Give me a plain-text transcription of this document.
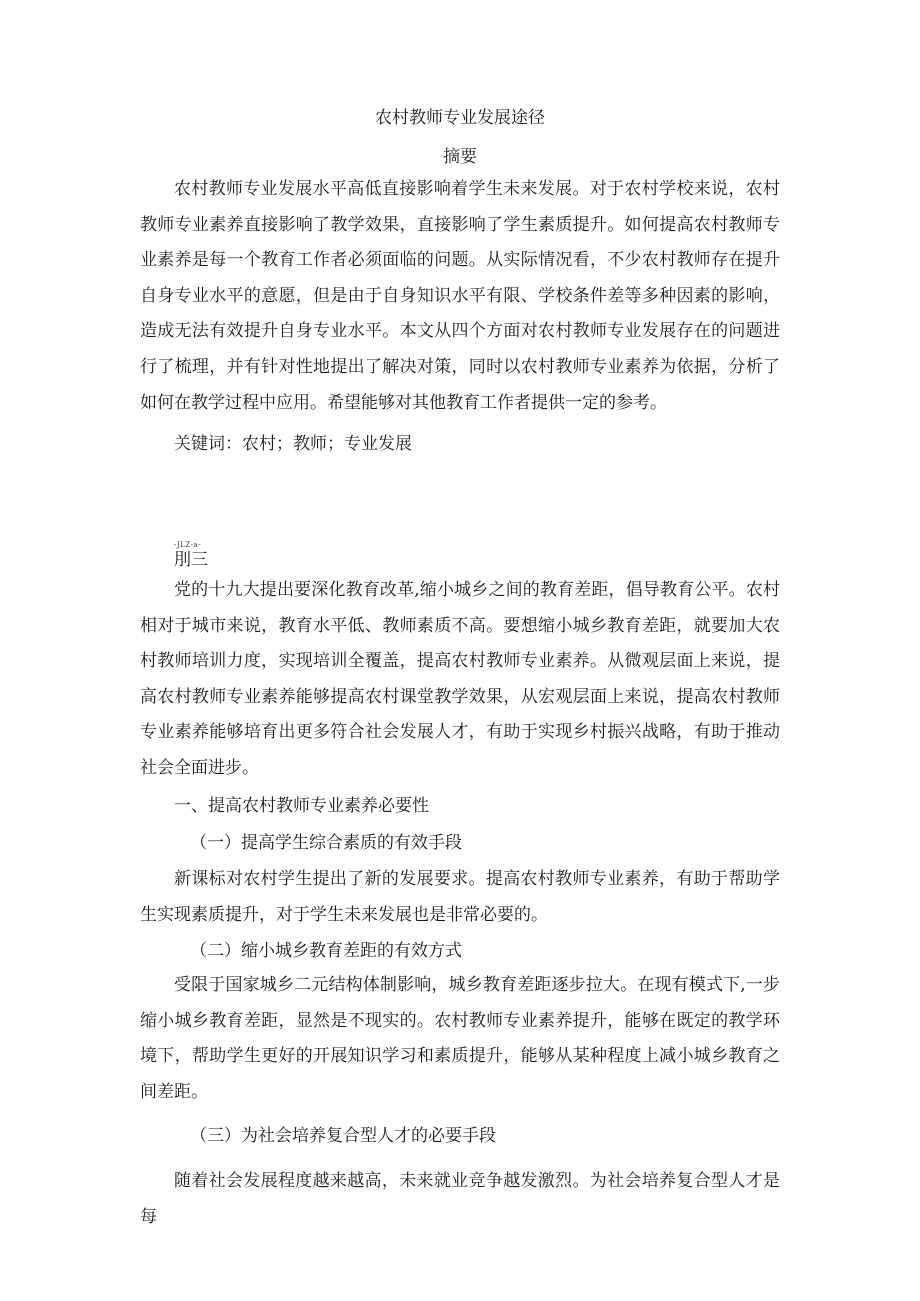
农村教师专业发展途径
摘要

农村教师专业发展水平高低直接影响着学生未来发展。对于农村学校来说，农村教师专业素养直接影响了教学效果，直接影响了学生素质提升。如何提高农村教师专业素养是每一个教育工作者必须面临的问题。从实际情况看，不少农村教师存在提升自身专业水平的意愿，但是由于自身知识水平有限、学校条件差等多种因素的影响，造成无法有效提升自身专业水平。本文从四个方面对农村教师专业发展存在的问题进行了梳理，并有针对性地提出了解决对策，同时以农村教师专业素养为依据，分析了如何在教学过程中应用。希望能够对其他教育工作者提供一定的参考。

关键词：农村；教师；专业发展
-JLZ-a-
刖三

党的十九大提出要深化教育改革,缩小城乡之间的教育差距，倡导教育公平。农村相对于城市来说，教育水平低、教师素质不高。要想缩小城乡教育差距，就要加大农村教师培训力度，实现培训全覆盖，提高农村教师专业素养。从微观层面上来说，提高农村教师专业素养能够提高农村课堂教学效果，从宏观层面上来说，提高农村教师专业素养能够培育出更多符合社会发展人才，有助于实现乡村振兴战略，有助于推动社会全面进步。

一、提高农村教师专业素养必要性
（一）提高学生综合素质的有效手段

新课标对农村学生提出了新的发展要求。提高农村教师专业素养，有助于帮助学生实现素质提升，对于学生未来发展也是非常必要的。

（二）缩小城乡教育差距的有效方式

受限于国家城乡二元结构体制影响，城乡教育差距逐步拉大。在现有模式下,一步缩小城乡教育差距，显然是不现实的。农村教师专业素养提升，能够在既定的教学环境下，帮助学生更好的开展知识学习和素质提升，能够从某种程度上减小城乡教育之间差距。

（三）为社会培养复合型人才的必要手段

随着社会发展程度越来越高，未来就业竞争越发激烈。为社会培养复合型人才是每
